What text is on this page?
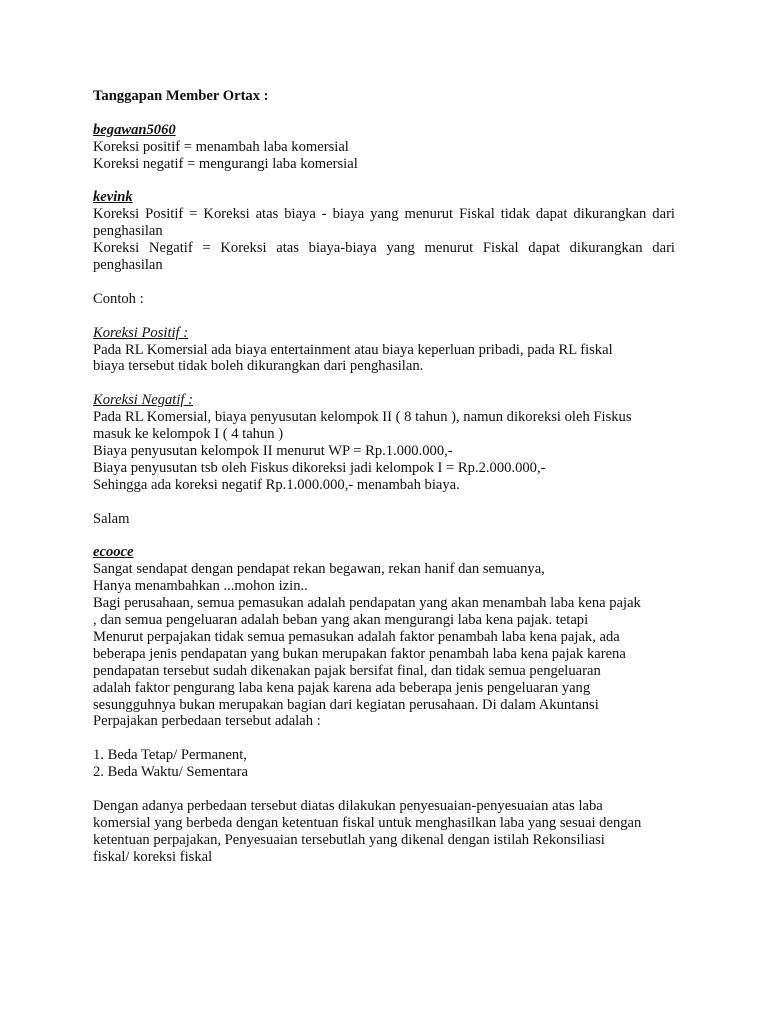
Tanggapan Member Ortax :

begawan5060

Koreksi positif = menambah laba komersial

Koreksi negatif = mengurangi laba komersial

kevink

Koreksi Positif = Koreksi atas biaya - biaya yang menurut Fiskal tidak dapat dikurangkan dari penghasilan

Koreksi Negatif = Koreksi atas biaya-biaya yang menurut Fiskal dapat dikurangkan dari

penghasilan

Contoh :

Koreksi Positif :

Pada RL Komersial ada biaya entertainment atau biaya keperluan pribadi, pada RL fiskal

biaya tersebut tidak boleh dikurangkan dari penghasilan.

Koreksi Negatif :

Pada RL Komersial, biaya penyusutan kelompok II ( 8 tahun ), namun dikoreksi oleh Fiskus

masuk ke kelompok I ( 4 tahun )

Biaya penyusutan kelompok II menurut WP = Rp.1.000.000,-

Biaya penyusutan tsb oleh Fiskus dikoreksi jadi kelompok I = Rp.2.000.000,-

Sehingga ada koreksi negatif Rp.1.000.000,- menambah biaya.

Salam

ecooce

Sangat sendapat dengan pendapat rekan begawan, rekan hanif dan semuanya,

Hanya menambahkan ...mohon izin..

Bagi perusahaan, semua pemasukan adalah pendapatan yang akan menambah laba kena pajak

, dan semua pengeluaran adalah beban yang akan mengurangi laba kena pajak. tetapi

Menurut perpajakan tidak semua pemasukan adalah faktor penambah laba kena pajak, ada

beberapa jenis pendapatan yang bukan merupakan faktor penambah laba kena pajak karena

pendapatan tersebut sudah dikenakan pajak bersifat final, dan tidak semua pengeluaran

adalah faktor pengurang laba kena pajak karena ada beberapa jenis pengeluaran yang

sesungguhnya bukan merupakan bagian dari kegiatan perusahaan. Di dalam Akuntansi

Perpajakan perbedaan tersebut adalah :

1. Beda Tetap/ Permanent,

2. Beda Waktu/ Sementara

Dengan adanya perbedaan tersebut diatas dilakukan penyesuaian-penyesuaian atas laba

komersial yang berbeda dengan ketentuan fiskal untuk menghasilkan laba yang sesuai dengan

ketentuan perpajakan, Penyesuaian tersebutlah yang dikenal dengan istilah Rekonsiliasi

fiskal/ koreksi fiskal
